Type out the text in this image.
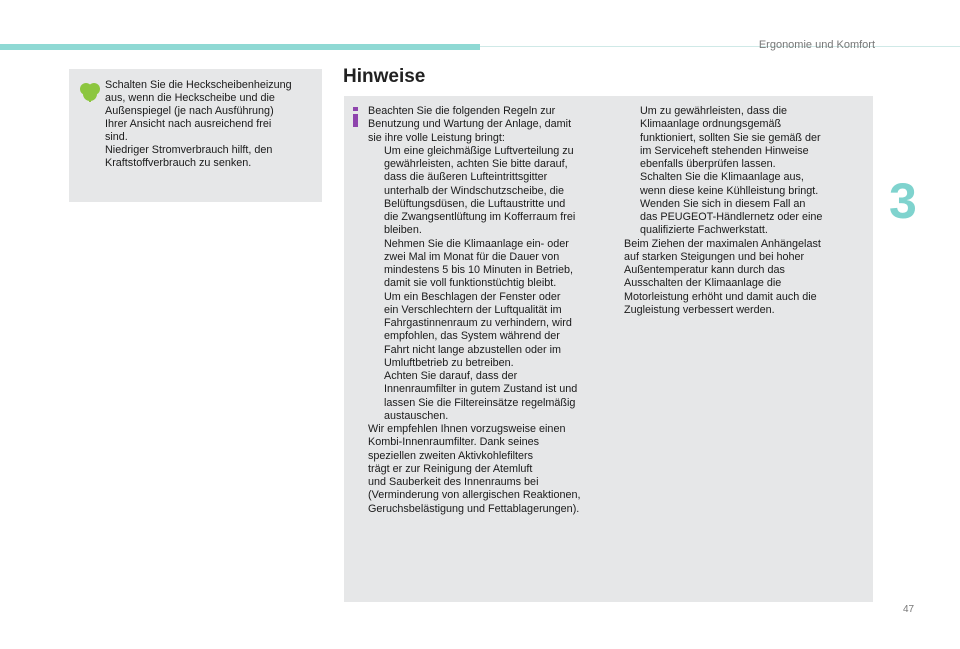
Ergonomie und Komfort
3
47
Schalten Sie die Heckscheibenheizung
aus, wenn die Heckscheibe und die
Außenspiegel (je nach Ausführung)
Ihrer Ansicht nach ausreichend frei
sind.
Niedriger Stromverbrauch hilft, den
Kraftstoffverbrauch zu senken.
Hinweise

Beachten Sie die folgenden Regeln zur
Benutzung und Wartung der Anlage, damit
sie ihre volle Leistung bringt:

Um eine gleichmäßige Luftverteilung zu
gewährleisten, achten Sie bitte darauf,
dass die äußeren Lufteintrittsgitter
unterhalb der Windschutzscheibe, die
Belüftungsdüsen, die Luftaustritte und
die Zwangsentlüftung im Kofferraum frei
bleiben.
Nehmen Sie die Klimaanlage ein- oder
zwei Mal im Monat für die Dauer von
mindestens 5 bis 10 Minuten in Betrieb,
damit sie voll funktionstüchtig bleibt.
Um ein Beschlagen der Fenster oder
ein Verschlechtern der Luftqualität im
Fahrgastinnenraum zu verhindern, wird
empfohlen, das System während der
Fahrt nicht lange abzustellen oder im
Umluftbetrieb zu betreiben.
Achten Sie darauf, dass der
Innenraumfilter in gutem Zustand ist und
lassen Sie die Filtereinsätze regelmäßig
austauschen.

Wir empfehlen Ihnen vorzugsweise einen
Kombi-Innenraumfilter. Dank seines
speziellen zweiten Aktivkohlefilters
trägt er zur Reinigung der Atemluft
und Sauberkeit des Innenraums bei
(Verminderung von allergischen Reaktionen,
Geruchsbelästigung und Fettablagerungen).

Um zu gewährleisten, dass die
Klimaanlage ordnungsgemäß
funktioniert, sollten Sie sie gemäß der
im Serviceheft stehenden Hinweise
ebenfalls überprüfen lassen.
Schalten Sie die Klimaanlage aus,
wenn diese keine Kühlleistung bringt.
Wenden Sie sich in diesem Fall an
das PEUGEOT-Händlernetz oder eine
qualifizierte Fachwerkstatt.

Beim Ziehen der maximalen Anhängelast
auf starken Steigungen und bei hoher
Außentemperatur kann durch das
Ausschalten der Klimaanlage die
Motorleistung erhöht und damit auch die
Zugleistung verbessert werden.
